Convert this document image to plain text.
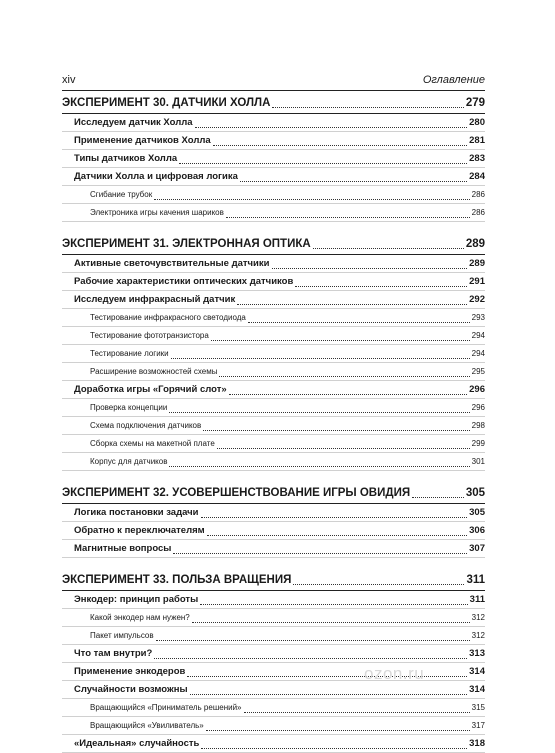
xiv	Оглавление
ЭКСПЕРИМЕНТ 30. ДАТЧИКИ ХОЛЛА	279
Исследуем датчик Холла	280
Применение датчиков Холла	281
Типы датчиков Холла	283
Датчики Холла и цифровая логика	284
Сгибание трубок	286
Электроника игры качения шариков	286
ЭКСПЕРИМЕНТ 31. ЭЛЕКТРОННАЯ ОПТИКА	289
Активные светочувствительные датчики	289
Рабочие характеристики оптических датчиков	291
Исследуем инфракрасный датчик	292
Тестирование инфракрасного светодиода	293
Тестирование фототранзистора	294
Тестирование логики	294
Расширение возможностей схемы	295
Доработка игры «Горячий слот»	296
Проверка концепции	296
Схема подключения датчиков	298
Сборка схемы на макетной плате	299
Корпус для датчиков	301
ЭКСПЕРИМЕНТ 32. УСОВЕРШЕНСТВОВАНИЕ ИГРЫ ОВИДИЯ	305
Логика постановки задачи	305
Обратно к переключателям	306
Магнитные вопросы	307
ЭКСПЕРИМЕНТ 33. ПОЛЬЗА ВРАЩЕНИЯ	311
Энкодер: принцип работы	311
Какой энкодер нам нужен?	312
Пакет импульсов	312
Что там внутри?	313
Применение энкодеров	314
Случайности возможны	314
Вращающийся «Приниматель решений»	315
Вращающийся «Увиливатель»	317
«Идеальная» случайность	318
ozon.ru
